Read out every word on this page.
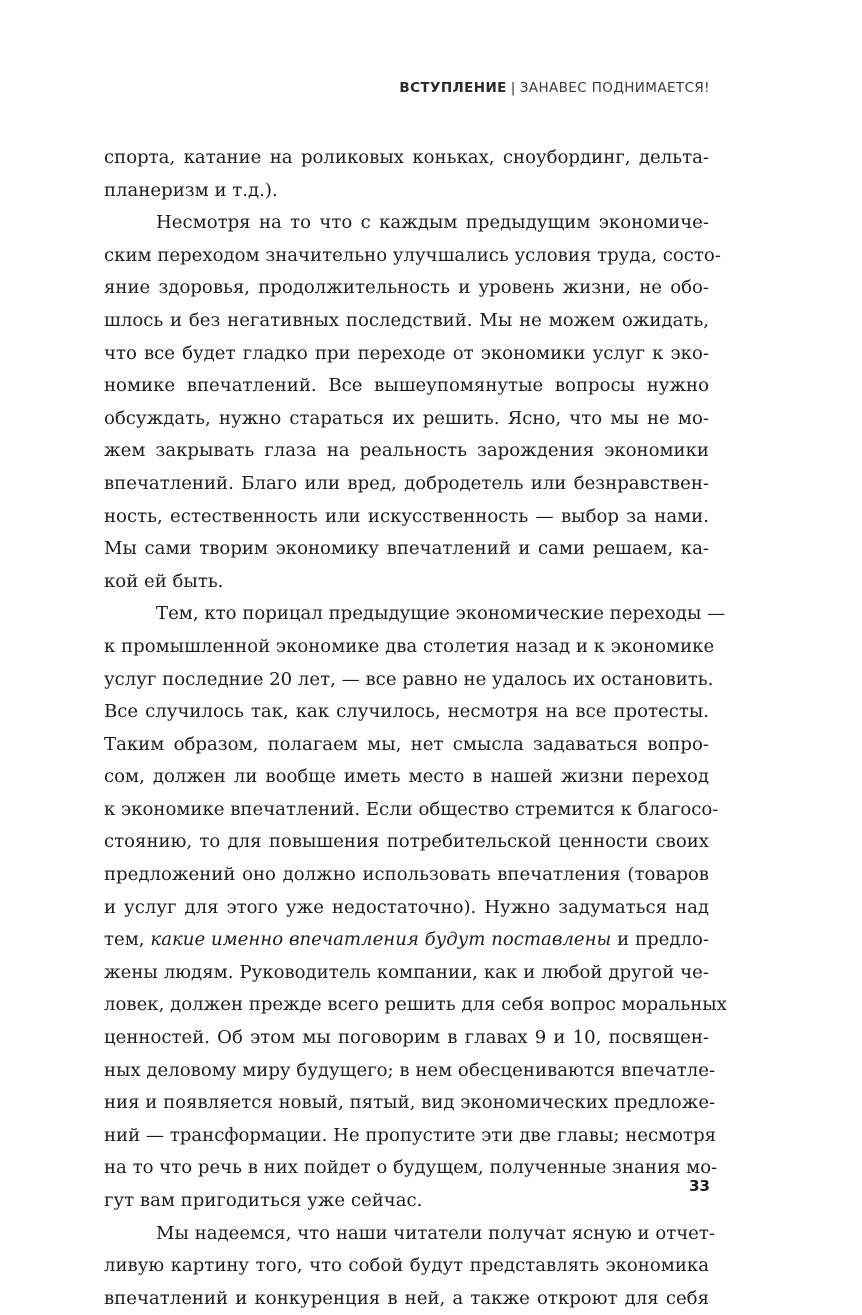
ВСТУПЛЕНИЕ | ЗАНАВЕС ПОДНИМАЕТСЯ!
спорта, катание на роликовых коньках, сноубординг, дельта-
планеризм и т.д.).
Несмотря на то что с каждым предыдущим экономиче-
ским переходом значительно улучшались условия труда, состо-
яние здоровья, продолжительность и уровень жизни, не обо-
шлось и без негативных последствий. Мы не можем ожидать,
что все будет гладко при переходе от экономики услуг к эко-
номике впечатлений. Все вышеупомянутые вопросы нужно
обсуждать, нужно стараться их решить. Ясно, что мы не мо-
жем закрывать глаза на реальность зарождения экономики
впечатлений. Благо или вред, добродетель или безнравствен-
ность, естественность или искусственность — выбор за нами.
Мы сами творим экономику впечатлений и сами решаем, ка-
кой ей быть.
Тем, кто порицал предыдущие экономические переходы —
к промышленной экономике два столетия назад и к экономике
услуг последние 20 лет, — все равно не удалось их остановить.
Все случилось так, как случилось, несмотря на все протесты.
Таким образом, полагаем мы, нет смысла задаваться вопро-
сом, должен ли вообще иметь место в нашей жизни переход
к экономике впечатлений. Если общество стремится к благосо-
стоянию, то для повышения потребительской ценности своих
предложений оно должно использовать впечатления (товаров
и услуг для этого уже недостаточно). Нужно задуматься над
тем, какие именно впечатления будут поставлены и предло-
жены людям. Руководитель компании, как и любой другой че-
ловек, должен прежде всего решить для себя вопрос моральных
ценностей. Об этом мы поговорим в главах 9 и 10, посвящен-
ных деловому миру будущего; в нем обесцениваются впечатле-
ния и появляется новый, пятый, вид экономических предложе-
ний — трансформации. Не пропустите эти две главы; несмотря
на то что речь в них пойдет о будущем, полученные знания мо-
гут вам пригодиться уже сейчас.
Мы надеемся, что наши читатели получат ясную и отчет-
ливую картину того, что собой будут представлять экономика
впечатлений и конкуренция в ней, а также откроют для себя
33
